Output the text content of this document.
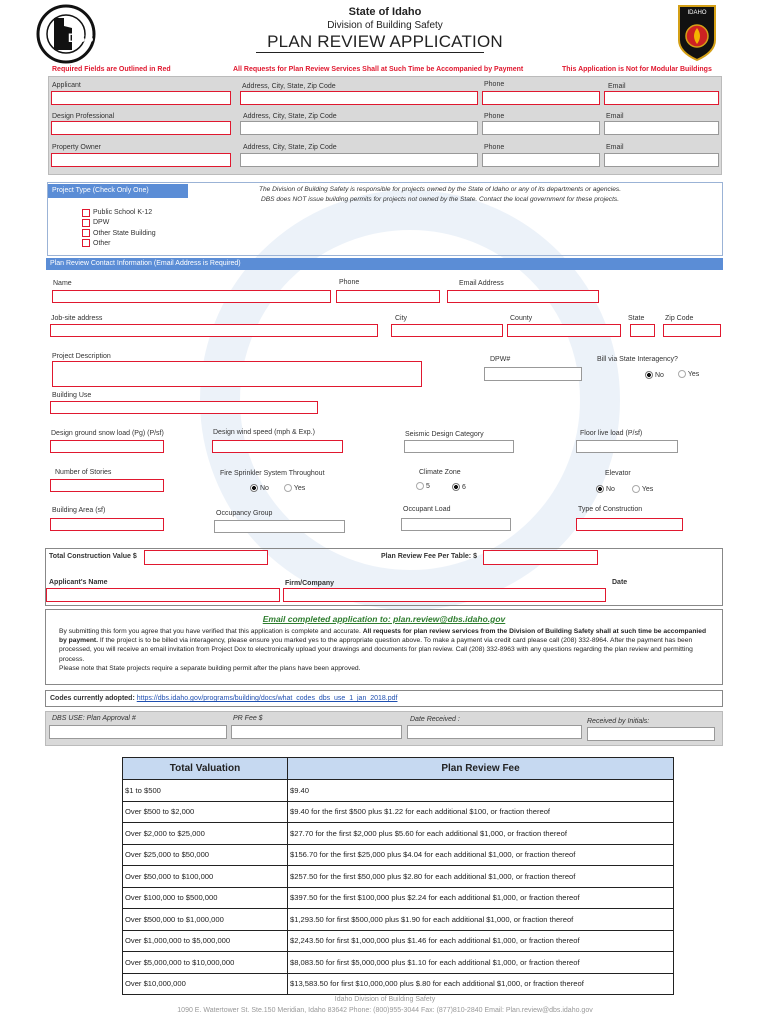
DBS
IDAHO
State of Idaho
Division of Building Safety
PLAN REVIEW APPLICATION
Required Fields are Outlined in Red	All Requests for Plan Review Services Shall at Such Time be Accompanied by Payment	This Application is Not for Modular Buildings
Applicant	Address, City, State, Zip Code	Phone	Email
Design Professional	Address, City, State, Zip Code	Phone	Email
Property Owner	Address, City, State, Zip Code	Phone	Email
Project Type (Check Only One)	The Division of Building Safety is responsible for projects owned by the State of Idaho or any of its departments or agencies.
DBS does NOT issue building permits for projects not owned by the State. Contact the local government for these projects.
Public School K-12
DPW
Other State Building
Other
Plan Review Contact Information (Email Address is Required)
Name	Phone	Email Address
Job-site address	City	County	State	Zip Code
Project Description	DPW#	Bill via State Interagency?
No	Yes
Building Use
Design ground snow load (Pg) (P/sf)	Design wind speed (mph & Exp.)	Seismic Design Category	Floor live load (P/sf)
Number of Stories	Fire Sprinkler System Throughout	Climate Zone	Elevator
No	Yes	5	6	No	Yes
Building Area (sf)	Occupancy Group
Occupant Load	Type of Construction
Total Construction Value $	Plan Review Fee Per Table: $
Applicant's Name	Firm/Company	Date
Email completed application to: plan.review@dbs.idaho.gov
By submitting this form you agree that you have verified that this application is complete and accurate. All requests for plan review services from the Division of Building Safety shall at such time be accompanied by payment. If the project is to be billed via interagency, please ensure you marked yes to the appropriate question above. To make a payment via credit card please call (208) 332-8964. After the payment has been processed, you will receive an email invitation from Project Dox to electronically upload your drawings and documents for plan review. Call (208) 332-8963 with any questions regarding the plan review and permitting process.
Please note that State projects require a separate building permit after the plans have been approved.
Codes currently adopted: https://dbs.idaho.gov/programs/building/docs/what_codes_dbs_use_1_jan_2018.pdf
DBS USE: Plan Approval #	PR Fee $	Date Received :	Received by Initials:
Total Valuation	Plan Review Fee
$1 to $500	$9.40
Over $500 to $2,000	$9.40 for the first $500 plus $1.22 for each additional $100, or fraction thereof
Over $2,000 to $25,000	$27.70 for the first $2,000 plus $5.60 for each additional $1,000, or fraction thereof
Over $25,000 to $50,000	$156.70 for the first $25,000 plus $4.04 for each additional $1,000, or fraction thereof
Over $50,000 to $100,000	$257.50 for the first $50,000 plus $2.80 for each additional $1,000, or fraction thereof
Over $100,000 to $500,000	$397.50 for the first $100,000 plus $2.24 for each additional $1,000, or fraction thereof
Over $500,000 to $1,000,000	$1,293.50 for first $500,000 plus $1.90 for each additional $1,000, or fraction thereof
Over $1,000,000 to $5,000,000	$2,243.50 for first $1,000,000 plus $1.46 for each additional $1,000, or fraction thereof
Over $5,000,000 to $10,000,000	$8,083.50 for first $5,000,000 plus $1.10 for each additional $1,000, or fraction thereof
Over $10,000,000	$13,583.50 for first $10,000,000 plus $.80 for each additional $1,000, or fraction thereof
Idaho Division of Building Safety
1090 E. Watertower St. Ste.150 Meridian, Idaho 83642 Phone: (800)955-3044 Fax: (877)810-2840 Email: Plan.review@dbs.idaho.gov
